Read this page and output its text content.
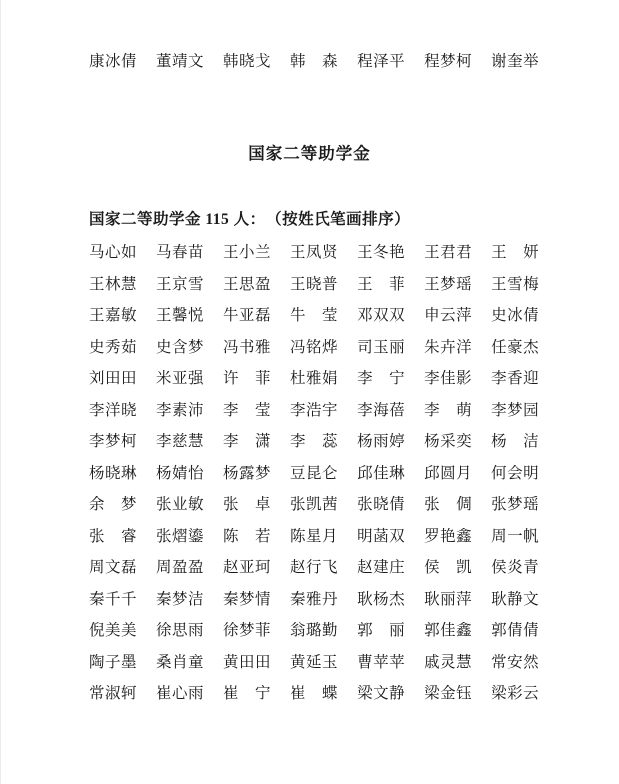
康冰倩 董靖文 韩晓戈 韩　森 程泽平 程梦柯 谢奎举
国家二等助学金
国家二等助学金 115 人：　（按姓氏笔画排序）
马心如 马春苗 王小兰 王凤贤 王冬艳 王君君 王　妍
王林慧 王京雪 王思盈 王晓普 王　菲 王梦瑶 王雪梅
王嘉敏 王馨悦 牛亚磊 牛　莹 邓双双 申云萍 史冰倩
史秀茹 史含梦 冯书雅 冯铭烨 司玉丽 朱卉洋 任豪杰
刘田田 米亚强 许　菲 杜雅娟 李　宁 李佳影 李香迎
李洋晓 李素沛 李　莹 李浩宇 李海蓓 李　萌 李梦园
李梦柯 李慈慧 李　潇 李　蕊 杨雨婷 杨采奕 杨　洁
杨晓琳 杨婧怡 杨露梦 豆昆仑 邱佳琳 邱圆月 何会明
余　梦 张业敏 张　卓 张凯茜 张晓倩 张　倜 张梦瑶
张　睿 张熠鎏 陈　若 陈星月 明菡双 罗艳鑫 周一帆
周文磊 周盈盈 赵亚珂 赵行飞 赵建庄 侯　凯 侯炎青
秦千千 秦梦洁 秦梦情 秦雅丹 耿杨杰 耿丽萍 耿静文
倪美美 徐思雨 徐梦菲 翁璐勤 郭　丽 郭佳鑫 郭倩倩
陶子墨 桑肖童 黄田田 黄延玉 曹苹苹 戚灵慧 常安然
常淑轲 崔心雨 崔　宁 崔　蝶 梁文静 梁金钰 梁彩云
